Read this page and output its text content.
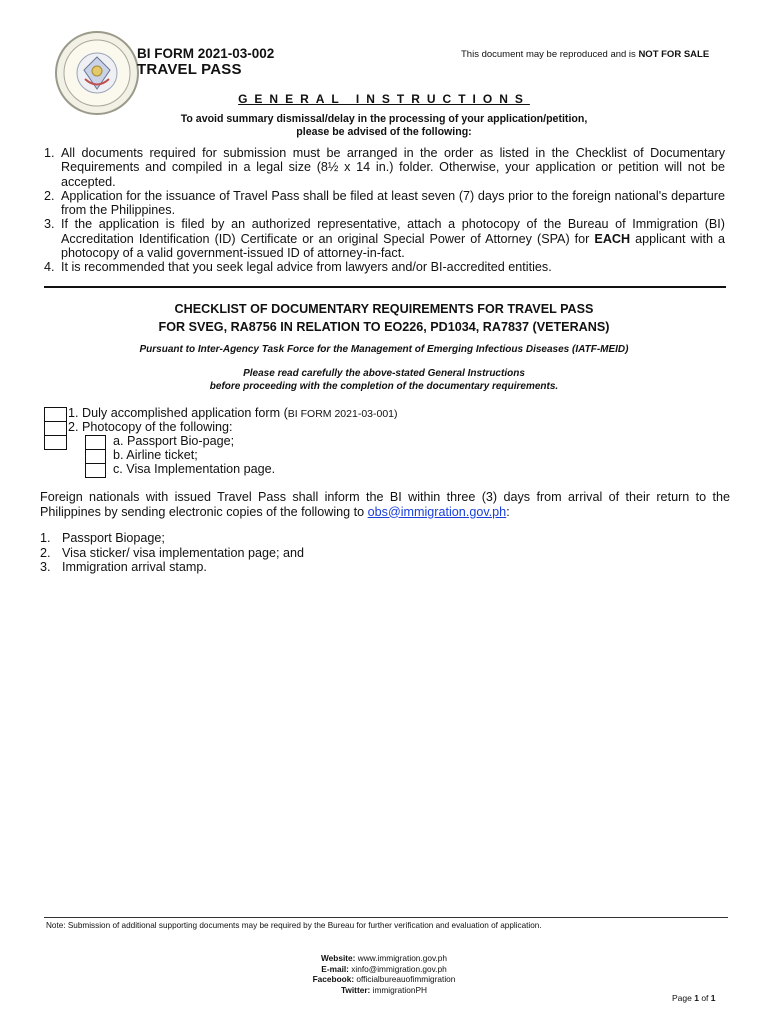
BI FORM 2021-03-002
TRAVEL PASS
This document may be reproduced and is NOT FOR SALE
GENERAL INSTRUCTIONS
To avoid summary dismissal/delay in the processing of your application/petition,
please be advised of the following:
1. All documents required for submission must be arranged in the order as listed in the Checklist of Documentary Requirements and compiled in a legal size (8½ x 14 in.) folder. Otherwise, your application or petition will not be accepted.
2. Application for the issuance of Travel Pass shall be filed at least seven (7) days prior to the foreign national's departure from the Philippines.
3. If the application is filed by an authorized representative, attach a photocopy of the Bureau of Immigration (BI) Accreditation Identification (ID) Certificate or an original Special Power of Attorney (SPA) for EACH applicant with a photocopy of a valid government-issued ID of attorney-in-fact.
4. It is recommended that you seek legal advice from lawyers and/or BI-accredited entities.
CHECKLIST OF DOCUMENTARY REQUIREMENTS FOR TRAVEL PASS
FOR SVEG, RA8756 IN RELATION TO EO226, PD1034, RA7837 (VETERANS)
Pursuant to Inter-Agency Task Force for the Management of Emerging Infectious Diseases (IATF-MEID)
Please read carefully the above-stated General Instructions
before proceeding with the completion of the documentary requirements.
1. Duly accomplished application form (BI FORM 2021-03-001)
2. Photocopy of the following:
a. Passport Bio-page;
b. Airline ticket;
c. Visa Implementation page.
Foreign nationals with issued Travel Pass shall inform the BI within three (3) days from arrival of their return to the Philippines by sending electronic copies of the following to obs@immigration.gov.ph:
1. Passport Biopage;
2. Visa sticker/ visa implementation page; and
3. Immigration arrival stamp.
Note: Submission of additional supporting documents may be required by the Bureau for further verification and evaluation of application.
Website: www.immigration.gov.ph
E-mail: xinfo@immigration.gov.ph
Facebook: officialbureauofimmigration
Twitter: immigrationPH
Page 1 of 1
